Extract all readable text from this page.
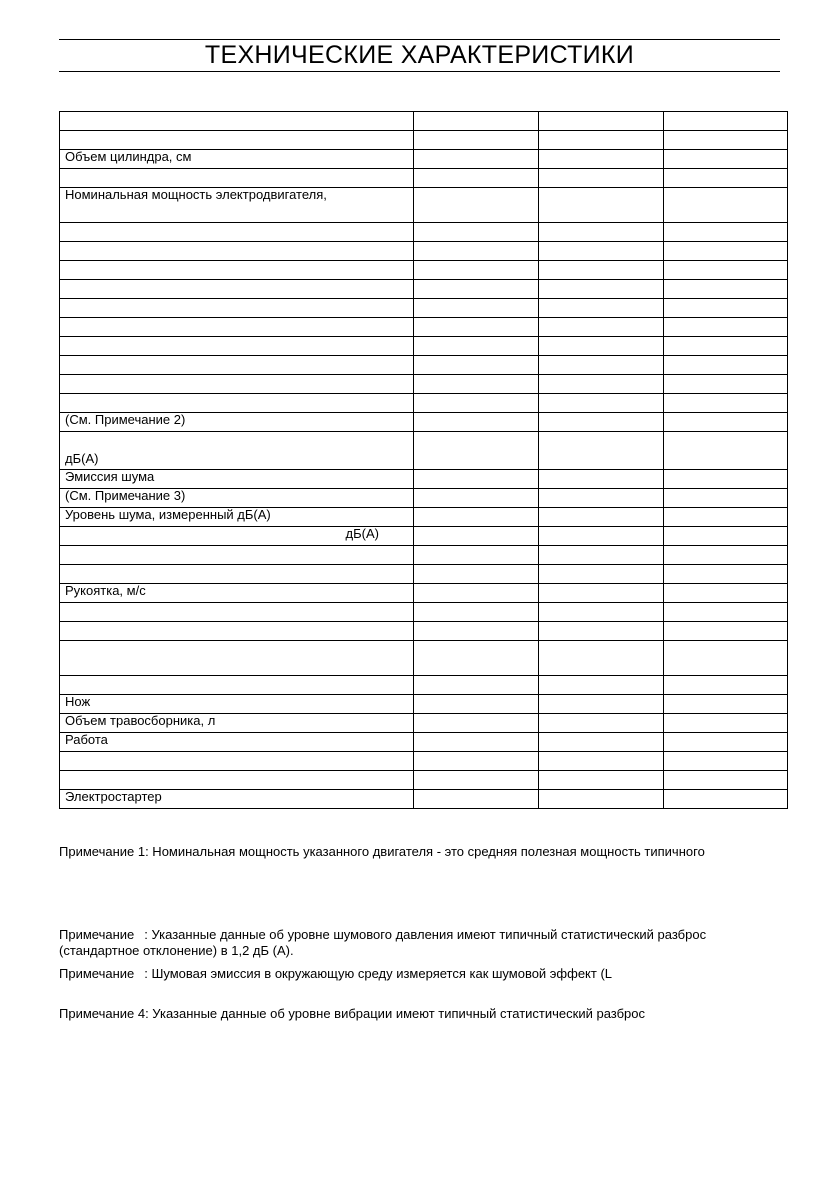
ТЕХНИЧЕСКИЕ ХАРАКТЕРИСТИКИ

Объем цилиндра, см			

Номинальная мощность электродвигателя,			

(См. Примечание 2)			
дБ(A)			
Эмиссия шума			
(См. Примечание 3)			
Уровень шума, измеренный дБ(A)			
дБ(A)			

Рукоятка, м/с			

Нож			
Объем травосборника, л			
Работа			

Электростартер			
Примечание 1: Номинальная мощность указанного двигателя - это средняя полезная мощность типичного
Примечание : Указанные данные об уровне шумового давления имеют типичный статистический разброс (стандартное отклонение) в 1,2 дБ (A).
Примечание : Шумовая эмиссия в окружающую среду измеряется как шумовой эффект (L
Примечание 4: Указанные данные об уровне вибрации имеют типичный статистический разброс
